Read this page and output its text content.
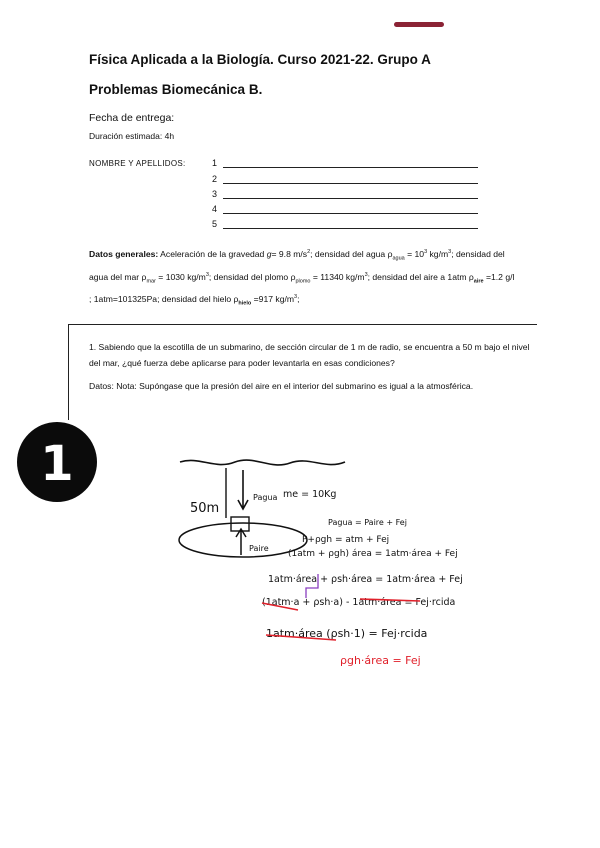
Física Aplicada a la Biología. Curso 2021-22. Grupo A
Problemas Biomecánica B.
Fecha de entrega:
Duración estimada: 4h
NOMBRE Y APELLIDOS:	1
2
3
4
5
Datos generales: Aceleración de la gravedad g= 9.8 $m/s^2$; densidad del agua $\rho_{agua} = 10^3$ $kg/m^3$; densidad del agua del mar $\rho_{mar} = 1030$ $kg/m^3$; densidad del plomo $\rho_{plomo} = 11340$ $kg/m^3$; densidad del aire a 1atm $\rho_{aire} =1.2$ g/l ; 1atm=101325Pa; densidad del hielo $\rho_{hielo} =917$ $kg/m^3$;
1. Sabiendo que la escotilla de un submarino, de sección circular de 1 m de radio, se encuentra a 50 m bajo el nivel del mar, ¿qué fuerza debe aplicarse para poder levantarla en esas condiciones?
Datos: Nota: Supóngase que la presión del aire en el interior del submarino es igual a la atmosférica.
1
50m
Pagua me = 10Kg
Paire
Pagua = Paire + Fej
P+ρgh = atm + Fej
(1atm + ρgh) área = 1atm·área + Fej
1atm·área + ρsh·área = 1atm·área + Fej
(1atm·a + ρsh·a) - 1atm·área = Fej·rcida
1atm·área (ρsh·1) = Fej·rcida
ρgh·área = Fej
